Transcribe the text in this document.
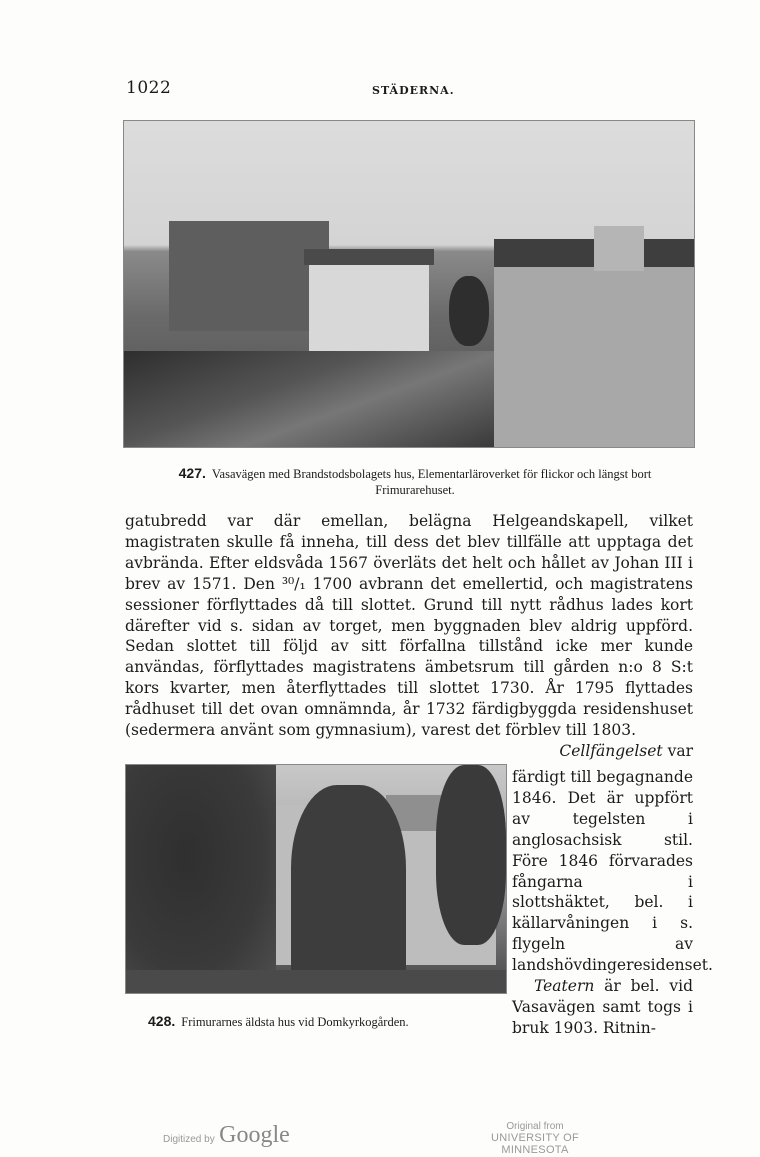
1022	STÄDERNA.
427. Vasavägen med Brandstodsbolagets hus, Elementarläroverket för flickor och längst bort Frimurarehuset.

gatubredd var där emellan, belägna Helgeandskapell, vilket magistraten skulle få inneha, till dess det blev tillfälle att upptaga det avbrända. Efter eldsvåda 1567 överläts det helt och hållet av Johan III i brev av 1571. Den ³⁰/₁ 1700 avbrann det emellertid, och magistratens sessioner förflyttades då till slottet. Grund till nytt rådhus lades kort därefter vid s. sidan av torget, men byggnaden blev aldrig uppförd. Sedan slottet till följd av sitt förfallna tillstånd icke mer kunde användas, förflyttades magistratens ämbetsrum till gården n:o 8 S:t kors kvarter, men återflyttades till slottet 1730. År 1795 flyttades rådhuset till det ovan omnämnda, år 1732 färdigbyggda residenshuset (sedermera använt som gymnasium), varest det förblev till 1803.

Cellfängelset var

färdigt till begagnande 1846. Det är uppfört av tegelsten i anglosachsisk stil. Före 1846 förvarades fångarna i slottshäktet, bel. i källarvåningen i s. flygeln av landshövdingeresidenset.

Teatern är bel. vid Vasavägen samt togs i bruk 1903. Ritnin-

428. Frimurarnes äldsta hus vid Domkyrkogården.
Digitized by Google	Original from
UNIVERSITY OF MINNESOTA
